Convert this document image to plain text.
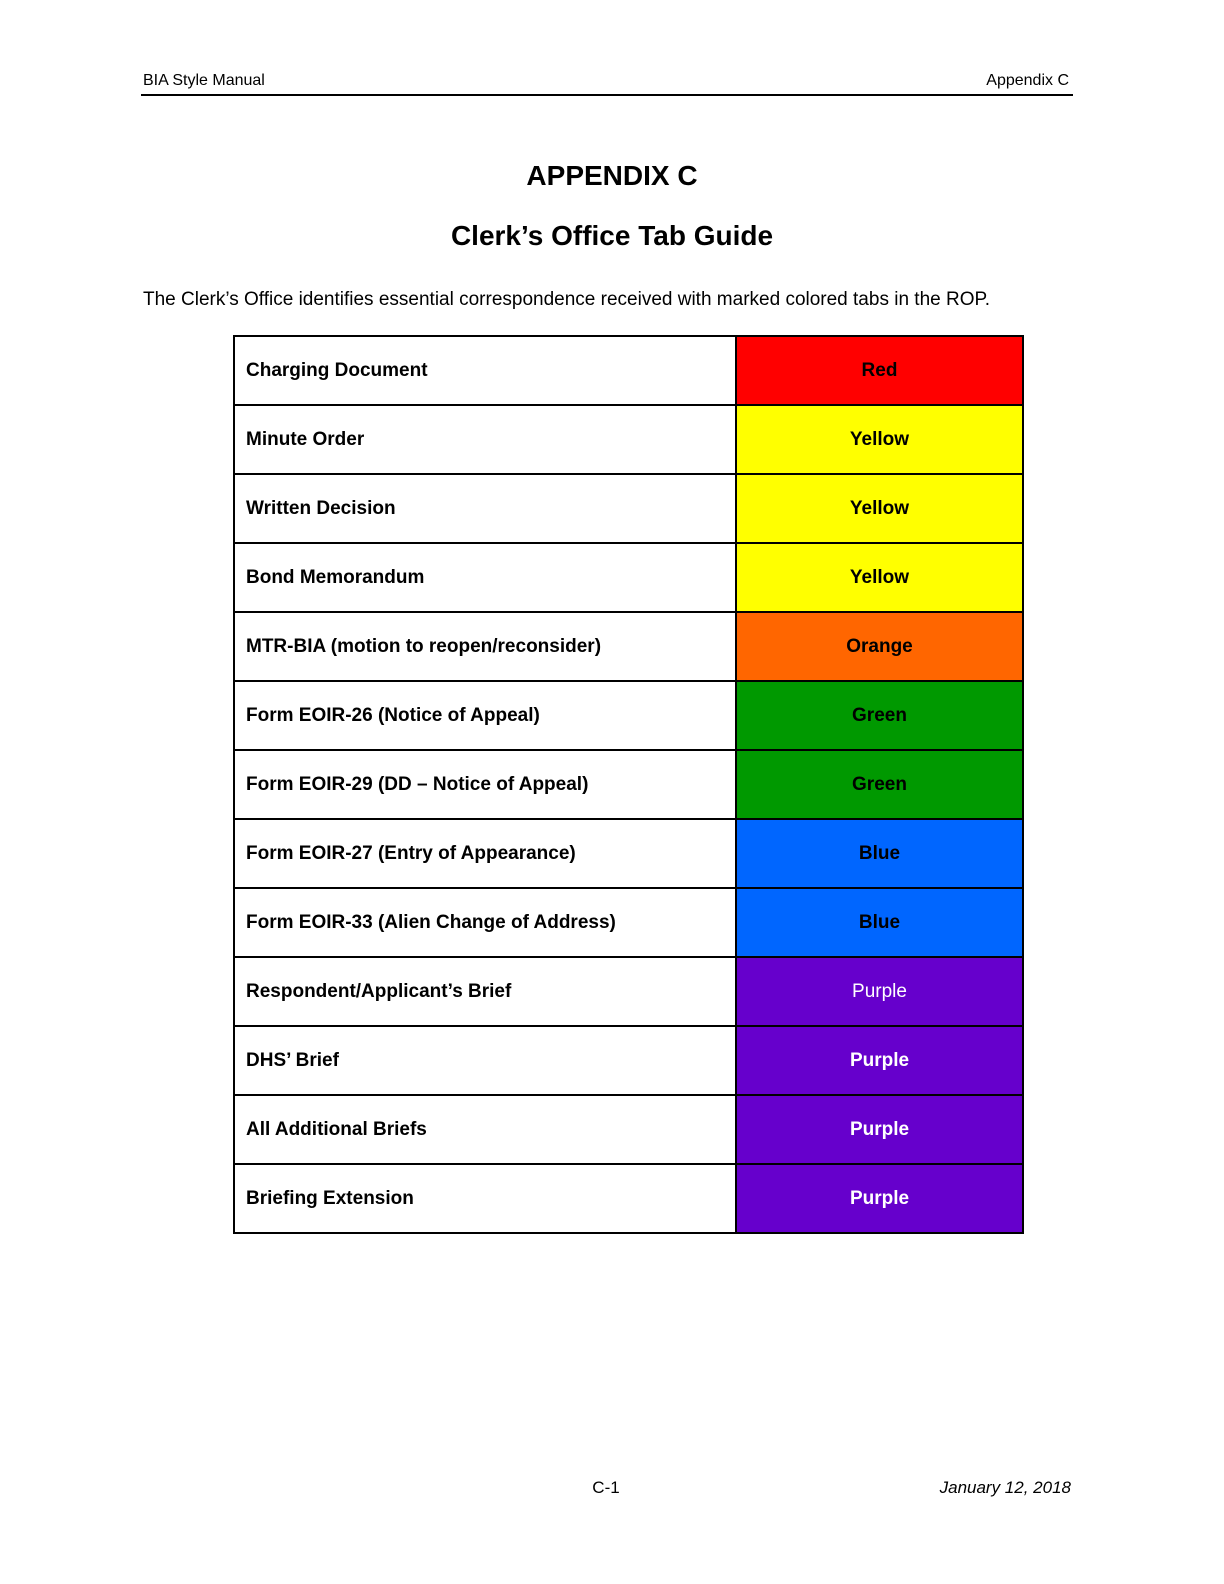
BIA Style Manual	Appendix C
APPENDIX C
Clerk’s Office Tab Guide
The Clerk’s Office identifies essential correspondence received with marked colored tabs in the ROP.
Charging Document	Red
Minute Order	Yellow
Written Decision	Yellow
Bond Memorandum	Yellow
MTR-BIA (motion to reopen/reconsider)	Orange
Form EOIR-26 (Notice of Appeal)	Green
Form EOIR-29 (DD – Notice of Appeal)	Green
Form EOIR-27 (Entry of Appearance)	Blue
Form EOIR-33 (Alien Change of Address)	Blue
Respondent/Applicant’s Brief	Purple
DHS’ Brief	Purple
All Additional Briefs	Purple
Briefing Extension	Purple
C-1	January 12, 2018
